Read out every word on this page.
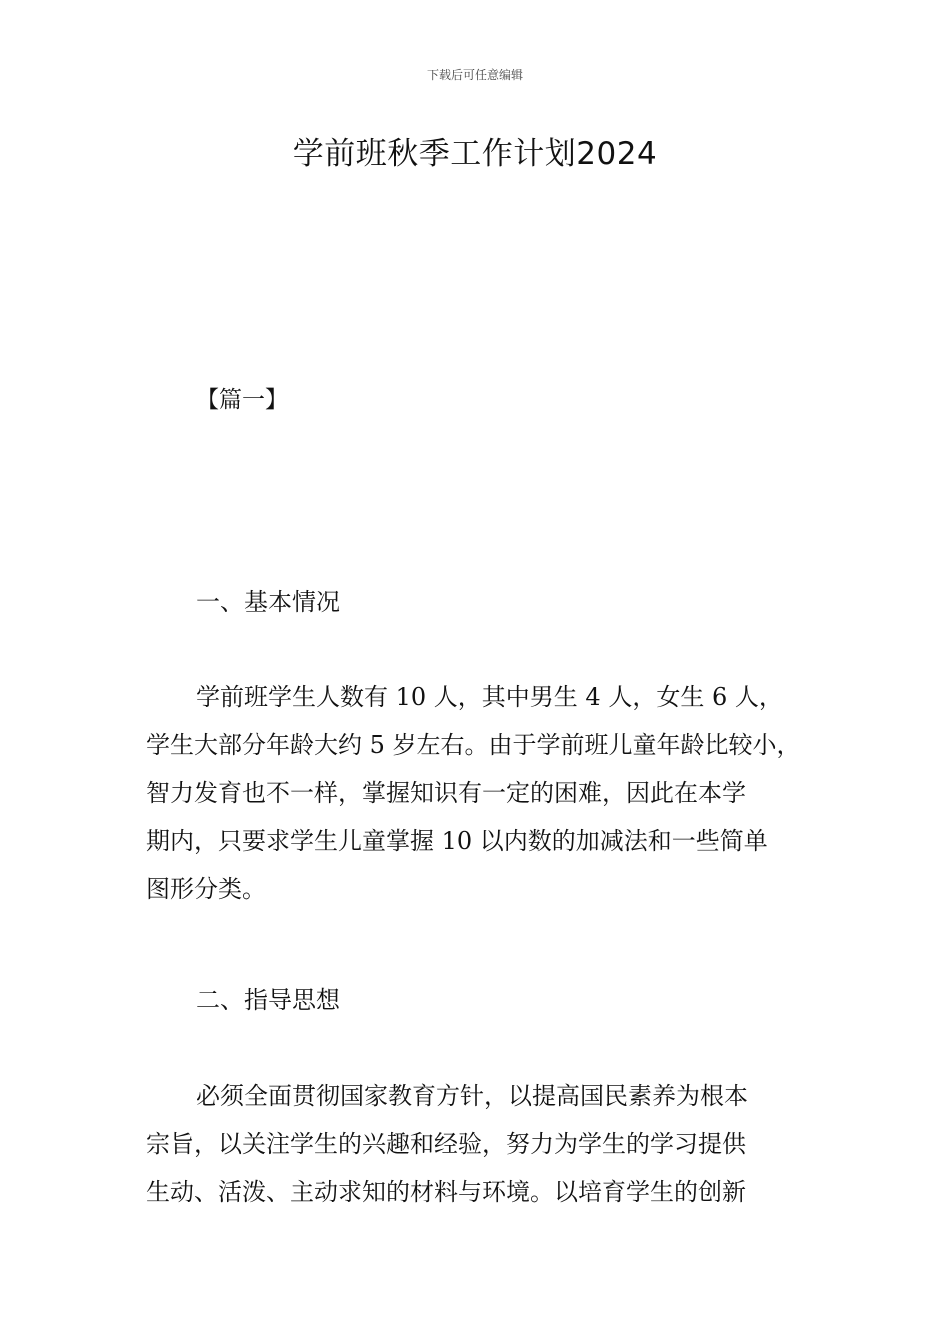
下载后可任意编辑
学前班秋季工作计划2024
【篇一】
一、基本情况
学前班学生人数有 10 人，其中男生 4 人，女生 6 人，
学生大部分年龄大约 5 岁左右。由于学前班儿童年龄比较小，
智力发育也不一样，掌握知识有一定的困难，因此在本学
期内，只要求学生儿童掌握 10 以内数的加减法和一些简单
图形分类。
二、指导思想
必须全面贯彻国家教育方针，以提高国民素养为根本
宗旨，以关注学生的兴趣和经验，努力为学生的学习提供
生动、活泼、主动求知的材料与环境。以培育学生的创新
